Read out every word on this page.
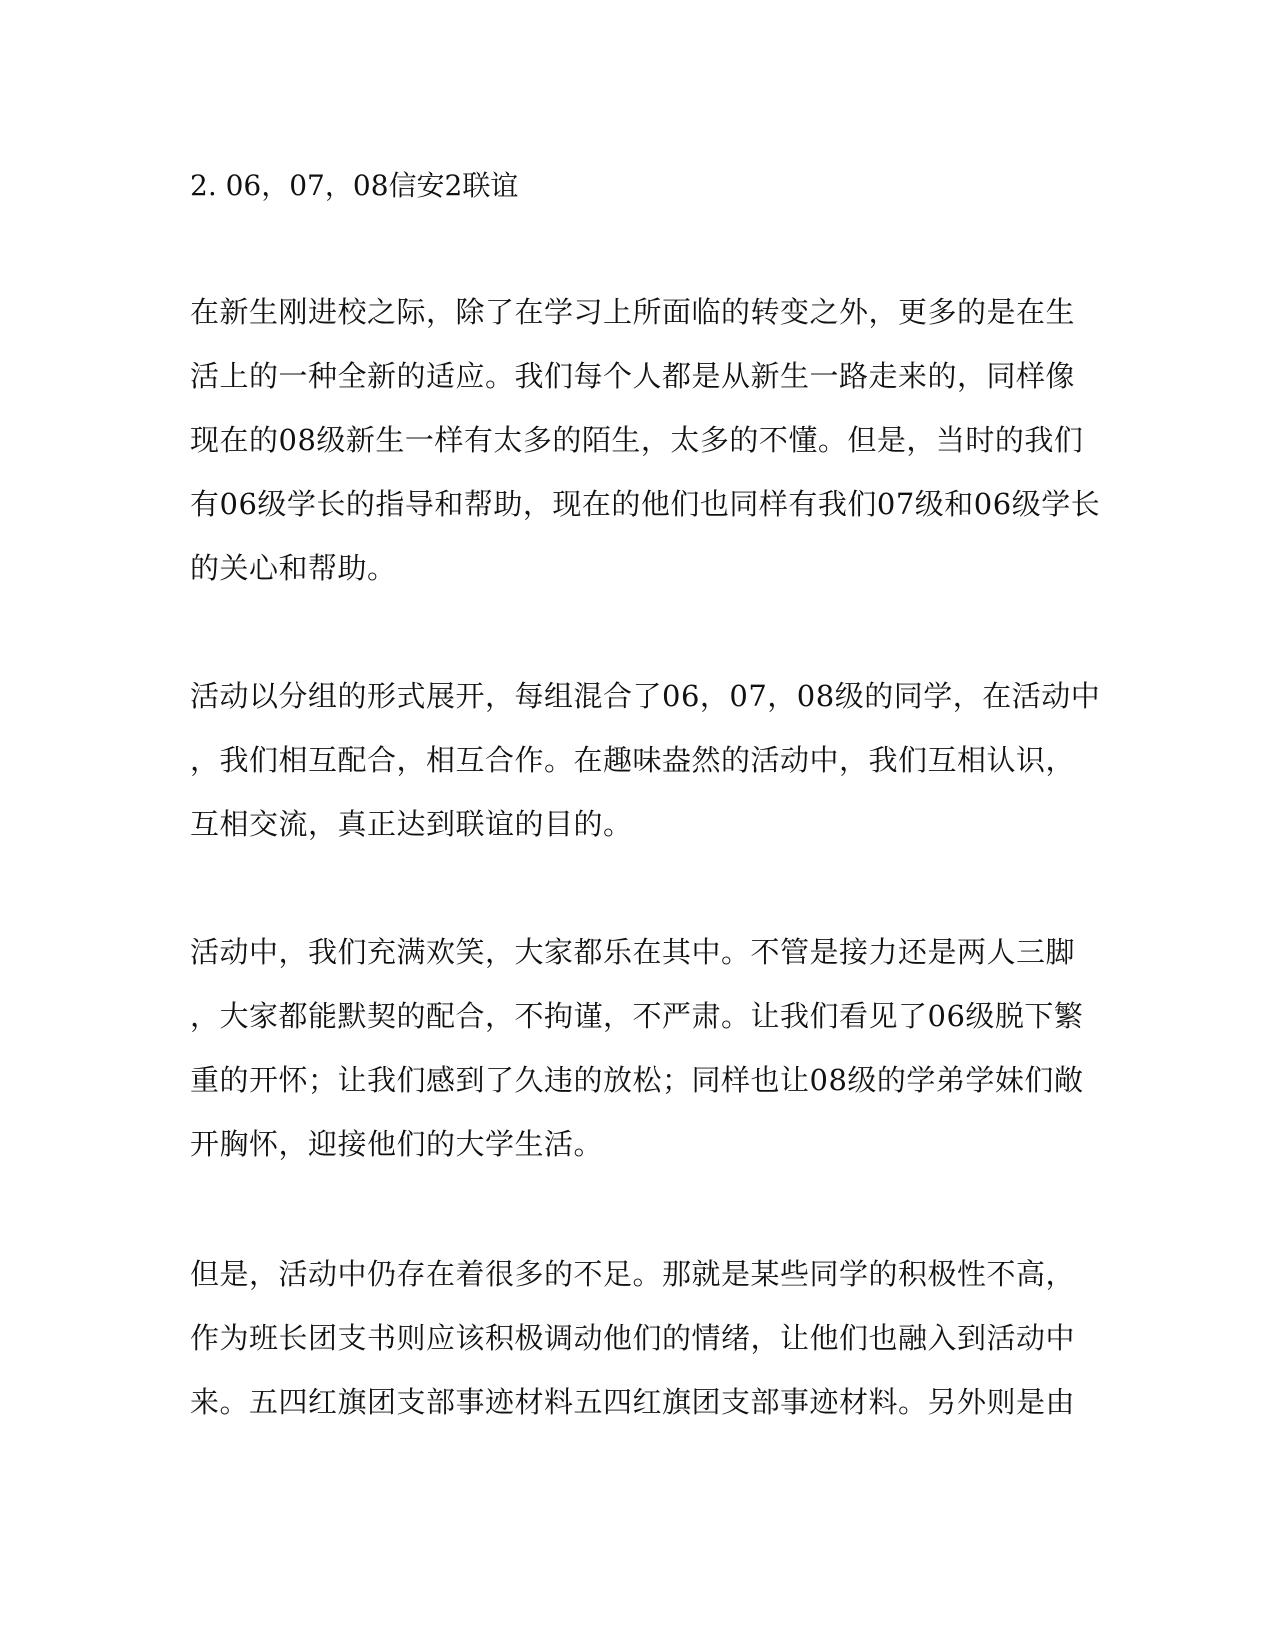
2. 06，07，08信安2联谊
在新生刚进校之际，除了在学习上所面临的转变之外，更多的是在生
活上的一种全新的适应。我们每个人都是从新生一路走来的，同样像
现在的08级新生一样有太多的陌生，太多的不懂。但是，当时的我们
有06级学长的指导和帮助，现在的他们也同样有我们07级和06级学长
的关心和帮助。
活动以分组的形式展开，每组混合了06，07，08级的同学，在活动中
，我们相互配合，相互合作。在趣味盎然的活动中，我们互相认识，
互相交流，真正达到联谊的目的。
活动中，我们充满欢笑，大家都乐在其中。不管是接力还是两人三脚
，大家都能默契的配合，不拘谨，不严肃。让我们看见了06级脱下繁
重的开怀；让我们感到了久违的放松；同样也让08级的学弟学妹们敞
开胸怀，迎接他们的大学生活。
但是，活动中仍存在着很多的不足。那就是某些同学的积极性不高，
作为班长团支书则应该积极调动他们的情绪，让他们也融入到活动中
来。五四红旗团支部事迹材料五四红旗团支部事迹材料。另外则是由
